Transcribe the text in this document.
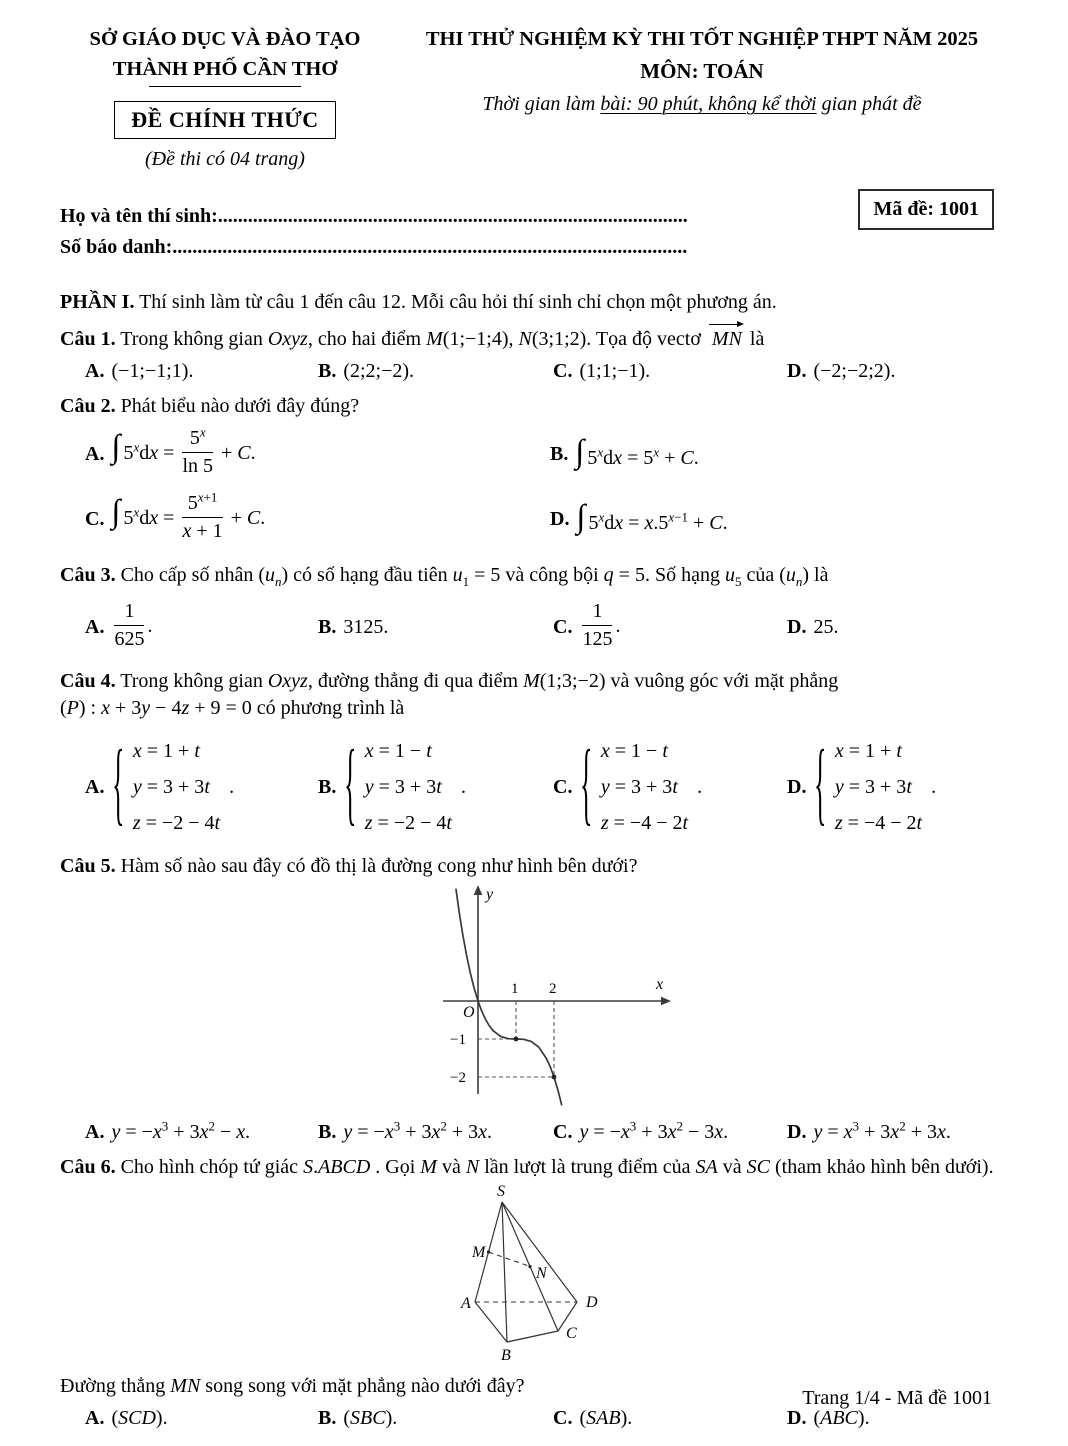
SỞ GIÁO DỤC VÀ ĐÀO TẠO
THÀNH PHỐ CẦN THƠ
ĐỀ CHÍNH THỨC
(Đề thi có 04 trang)
THI THỬ NGHIỆM KỲ THI TỐT NGHIỆP THPT NĂM 2025
MÔN: TOÁN
Thời gian làm bài: 90 phút, không kể thời gian phát đề
Họ và tên thí sinh:..............................................................................................
Số báo danh:.......................................................................................................
Mã đề: 1001
PHẦN I. Thí sinh làm từ câu 1 đến câu 12. Mỗi câu hỏi thí sinh chỉ chọn một phương án.
Câu 1. Trong không gian Oxyz, cho hai điểm M(1;−1;4), N(3;1;2). Tọa độ vectơ MN là
A. (−1;−1;1).	B. (2;2;−2).	C. (1;1;−1).	D. (−2;−2;2).
Câu 2. Phát biểu nào dưới đây đúng?
A. ∫ $5^xdx = \frac{5^x}{\ln 5} + C$.	B. ∫ $5^xdx = 5^x + C$.
C. ∫ $5^xdx = \frac{5^{x+1}}{x + 1} + C$.	D. ∫ $5^xdx = x.5^{x-1} + C$.
Câu 3. Cho cấp số nhân $(u_n)$ có số hạng đầu tiên $u_1 = 5$ và công bội q = 5. Số hạng $u_5$ của $(u_n)$ là
A. $\frac{1}{625}$ .	B. 3125.	C. $\frac{1}{125}$ .	D. 25.
Câu 4. Trong không gian Oxyz, đường thẳng đi qua điểm M(1;3;−2) và vuông góc với mặt phẳng
(P) : x + 3y − 4z + 9 = 0 có phương trình là
A. { x = 1 + t
y = 3 + 3t
z = −2 − 4t
.	B. { x = 1 − t
y = 3 + 3t
z = −2 − 4t
.	C. { x = 1 − t
y = 3 + 3t
z = −4 − 2t
.	D. { x = 1 + t
y = 3 + 3t
z = −4 − 2t
.
Câu 5. Hàm số nào sau đây có đồ thị là đường cong như hình bên dưới?
y
x
O
1 2
−1
−2
A. $y = -x^3 + 3x^2 - x$.	B. $y = -x^3 + 3x^2 + 3x$.	C. $y = -x^3 + 3x^2 - 3x$.	D. $y = x^3 + 3x^2 + 3x$.
Câu 6. Cho hình chóp tứ giác S.ABCD . Gọi M và N lần lượt là trung điểm của SA và SC (tham khảo hình bên dưới).
S
M
N
A
B
C
D
Đường thẳng MN song song với mặt phẳng nào dưới đây?
A. (SCD).	B. (SBC).	C. (SAB).	D. (ABC).
Trang 1/4 - Mã đề 1001
